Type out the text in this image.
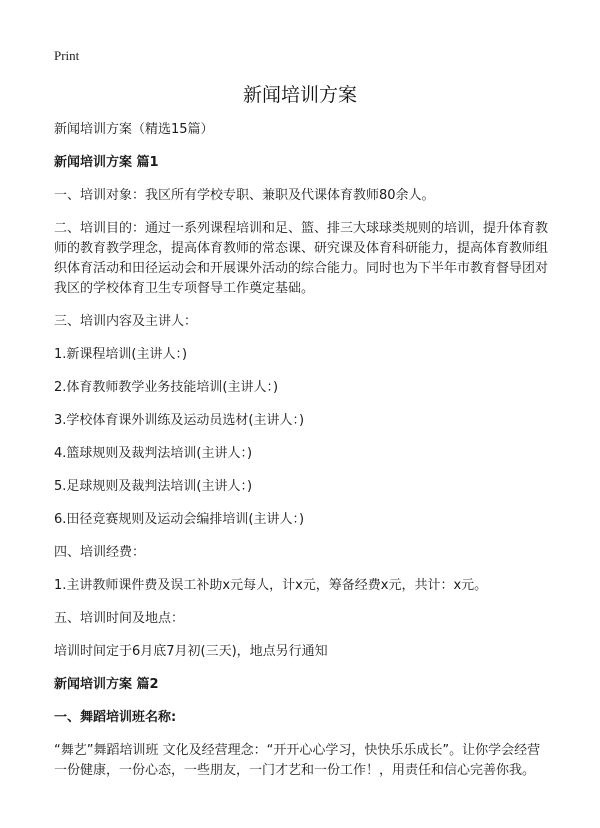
Print
新闻培训方案

新闻培训方案（精选15篇）

新闻培训方案 篇1

一、培训对象：我区所有学校专职、兼职及代课体育教师80余人。

二、培训目的：通过一系列课程培训和足、篮、排三大球球类规则的培训，提升体育教师的教育教学理念，提高体育教师的常态课、研究课及体育科研能力，提高体育教师组织体育活动和田径运动会和开展课外活动的综合能力。同时也为下半年市教育督导团对我区的学校体育卫生专项督导工作奠定基础。

三、培训内容及主讲人：

1.新课程培训(主讲人：)

2.体育教师教学业务技能培训(主讲人：)

3.学校体育课外训练及运动员选材(主讲人：)

4.篮球规则及裁判法培训(主讲人：)

5.足球规则及裁判法培训(主讲人：)

6.田径竞赛规则及运动会编排培训(主讲人：)

四、培训经费：

1.主讲教师课件费及误工补助x元每人，计x元，筹备经费x元，共计：x元。

五、培训时间及地点：

培训时间定于6月底7月初(三天)，地点另行通知

新闻培训方案 篇2

一、舞蹈培训班名称:

“舞艺”舞蹈培训班 文化及经营理念：“开开心心学习，快快乐乐成长”。让你学会经营一份健康，一份心态，一些朋友，一门才艺和一份工作！，用责任和信心完善你我。
